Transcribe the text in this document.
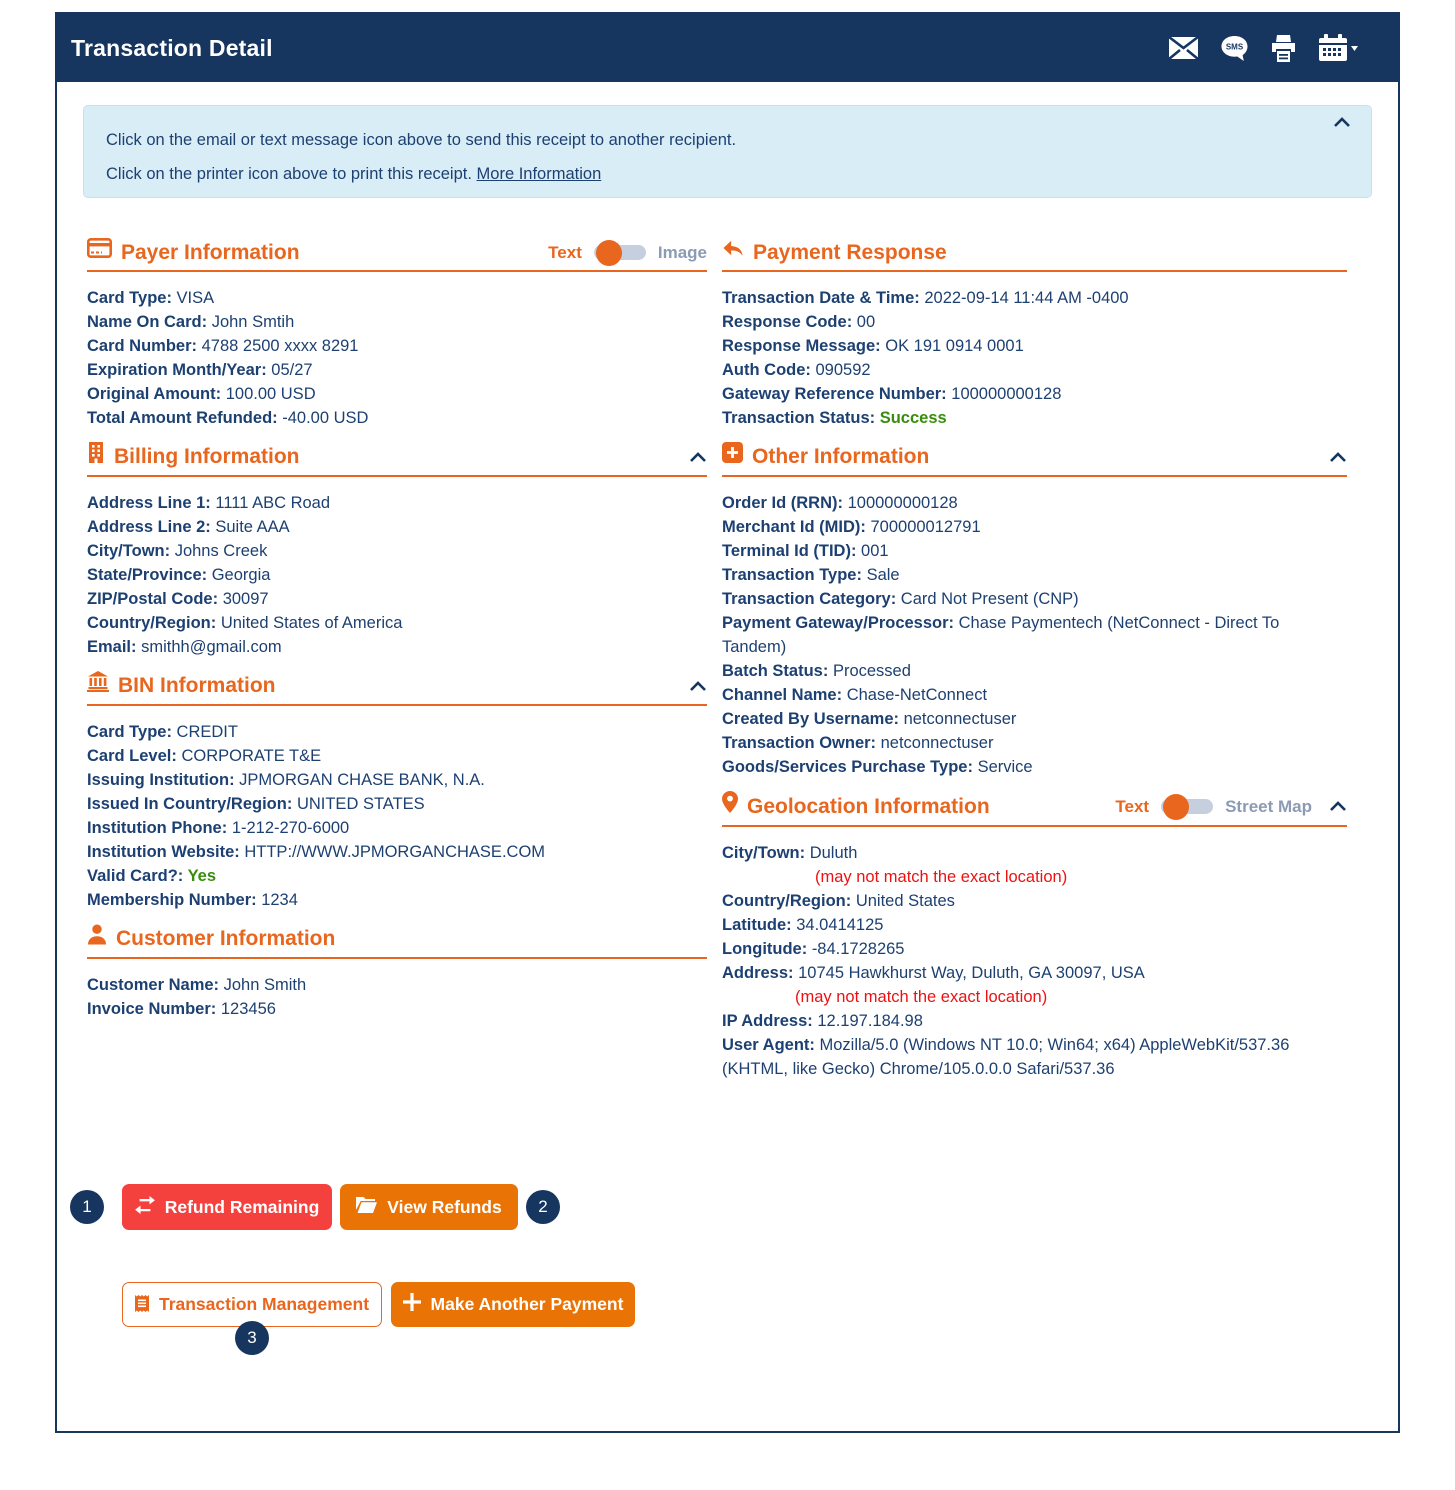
Transaction Detail	SMS

Click on the email or text message icon above to send this receipt to another recipient.

Click on the printer icon above to print this receipt. More Information

Payer Information	Text	Image
Card Type: VISA
Name On Card: John Smtih
Card Number: 4788 2500 xxxx 8291
Expiration Month/Year: 05/27
Original Amount: 100.00 USD
Total Amount Refunded: -40.00 USD
Billing Information
Address Line 1: 1111 ABC Road
Address Line 2: Suite AAA
City/Town: Johns Creek
State/Province: Georgia
ZIP/Postal Code: 30097
Country/Region: United States of America
Email: smithh@gmail.com
BIN Information
Card Type: CREDIT
Card Level: CORPORATE T&E
Issuing Institution: JPMORGAN CHASE BANK, N.A.
Issued In Country/Region: UNITED STATES
Institution Phone: 1-212-270-6000
Institution Website: HTTP://WWW.JPMORGANCHASE.COM
Valid Card?: Yes
Membership Number: 1234
Customer Information
Customer Name: John Smith
Invoice Number: 123456
Payment Response
Transaction Date & Time: 2022-09-14 11:44 AM -0400
Response Code: 00
Response Message: OK 191 0914 0001
Auth Code: 090592
Gateway Reference Number: 100000000128
Transaction Status: Success
Other Information
Order Id (RRN): 100000000128
Merchant Id (MID): 700000012791
Terminal Id (TID): 001
Transaction Type: Sale
Transaction Category: Card Not Present (CNP)
Payment Gateway/Processor: Chase Paymentech (NetConnect - Direct To Tandem)
Batch Status: Processed
Channel Name: Chase-NetConnect
Created By Username: netconnectuser
Transaction Owner: netconnectuser
Goods/Services Purchase Type: Service
Geolocation Information	Text	Street Map
City/Town: Duluth
(may not match the exact location)
Country/Region: United States
Latitude: 34.0414125
Longitude: -84.1728265
Address: 10745 Hawkhurst Way, Duluth, GA 30097, USA
(may not match the exact location)
IP Address: 12.197.184.98
User Agent: Mozilla/5.0 (Windows NT 10.0; Win64; x64) AppleWebKit/537.36 (KHTML, like Gecko) Chrome/105.0.0.0 Safari/537.36
1	Refund Remaining	View Refunds	2
Transaction Management	Make Another Payment
3
